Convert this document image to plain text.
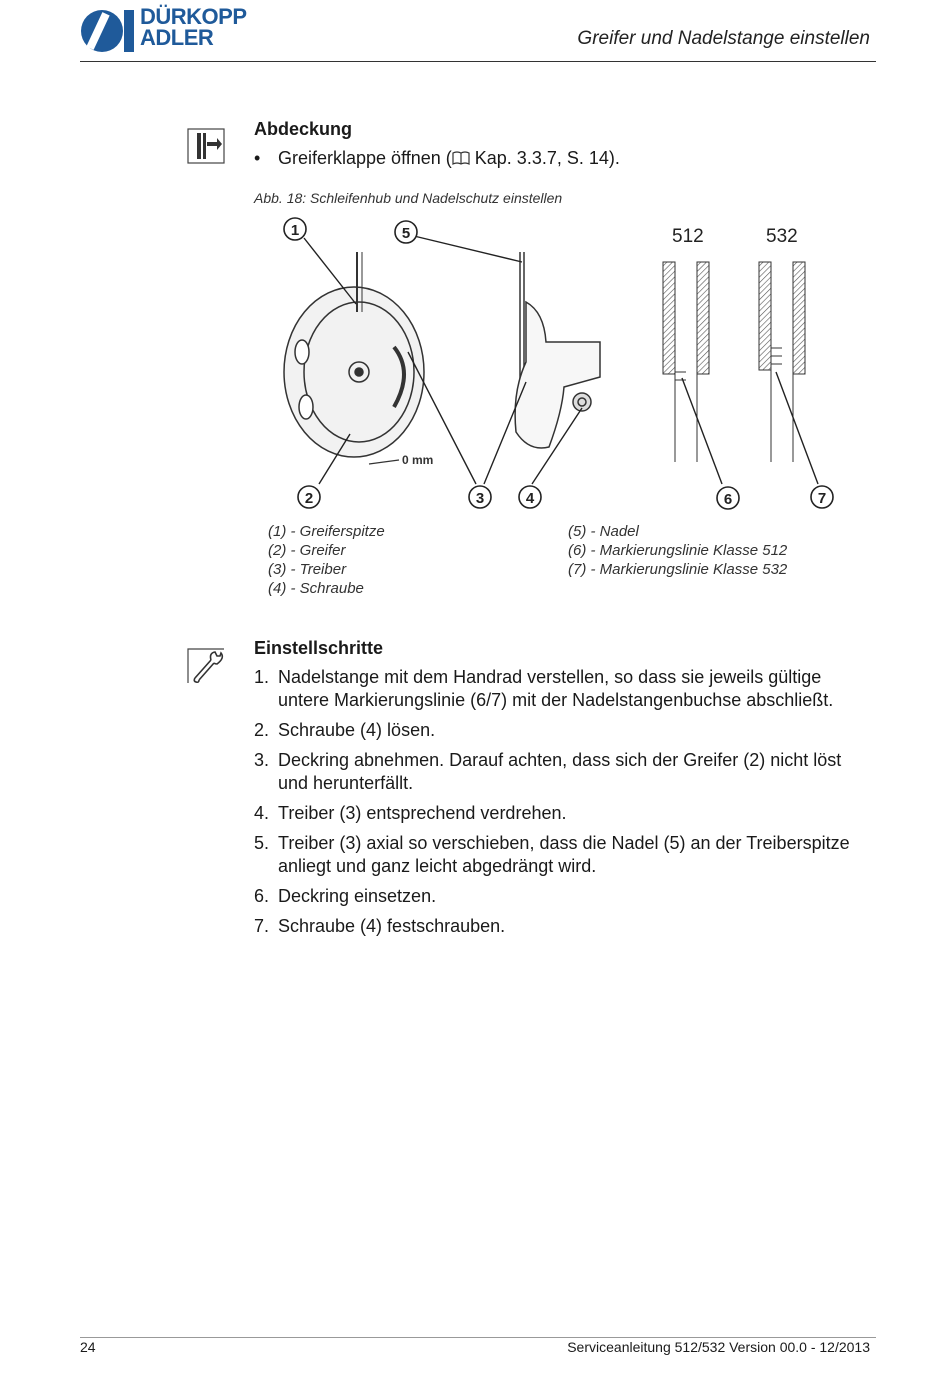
DÜRKOPP
ADLER	Greifer und Nadelstange einstellen
Abdeckung
• Greiferklappe öffnen ( Kap. 3.3.7, S. 14).
Abb. 18: Schleifenhub und Nadelschutz einstellen
0 mm
512	532
1	5
2	3	4	6	7
(1) - Greiferspitze
(2) - Greifer
(3) - Treiber
(4) - Schraube
(5) - Nadel
(6) - Markierungslinie Klasse 512
(7) - Markierungslinie Klasse 532
Einstellschritte
1. Nadelstange mit dem Handrad verstellen, so dass sie jeweils gültige untere Markierungslinie (6/7) mit der Nadelstangenbuchse abschließt.
2. Schraube (4) lösen.
3. Deckring abnehmen. Darauf achten, dass sich der Greifer (2) nicht löst und herunterfällt.
4. Treiber (3) entsprechend verdrehen.
5. Treiber (3) axial so verschieben, dass die Nadel (5) an der Treiberspitze anliegt und ganz leicht abgedrängt wird.
6. Deckring einsetzen.
7. Schraube (4) festschrauben.
24	Serviceanleitung 512/532 Version 00.0 - 12/2013
